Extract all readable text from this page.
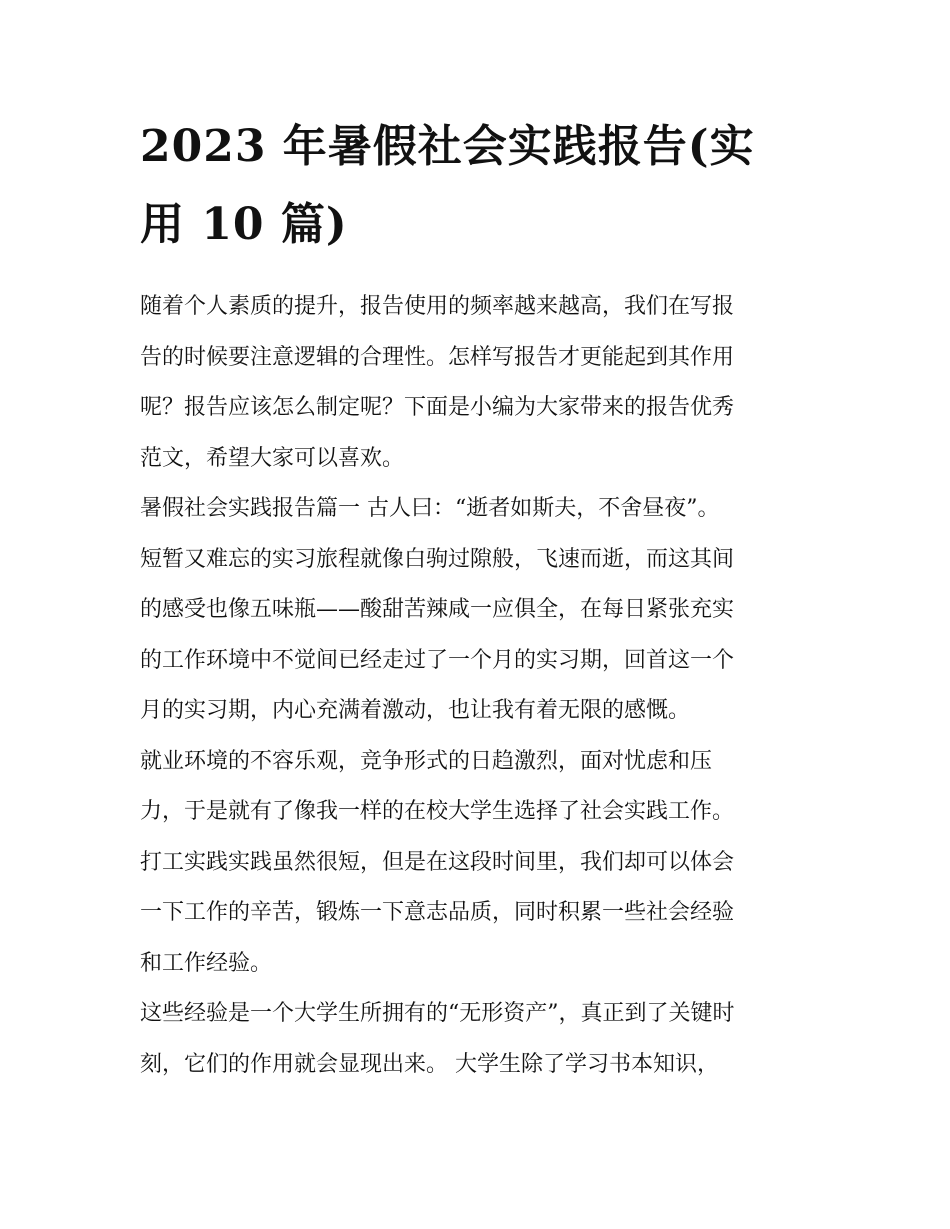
2023 年暑假社会实践报告(实
用 10 篇)

随着个人素质的提升，报告使用的频率越来越高，我们在写报
告的时候要注意逻辑的合理性。怎样写报告才更能起到其作用
呢？报告应该怎么制定呢？下面是小编为大家带来的报告优秀
范文，希望大家可以喜欢。

暑假社会实践报告篇一 古人曰：“逝者如斯夫，不舍昼夜”。
短暂又难忘的实习旅程就像白驹过隙般，飞速而逝，而这其间
的感受也像五味瓶——酸甜苦辣咸一应俱全，在每日紧张充实
的工作环境中不觉间已经走过了一个月的实习期，回首这一个
月的实习期，内心充满着激动，也让我有着无限的感慨。

就业环境的不容乐观，竞争形式的日趋激烈，面对忧虑和压
力，于是就有了像我一样的在校大学生选择了社会实践工作。
打工实践实践虽然很短，但是在这段时间里，我们却可以体会
一下工作的辛苦，锻炼一下意志品质，同时积累一些社会经验
和工作经验。

这些经验是一个大学生所拥有的“无形资产”，真正到了关键时
刻，它们的作用就会显现出来。 大学生除了学习书本知识，
